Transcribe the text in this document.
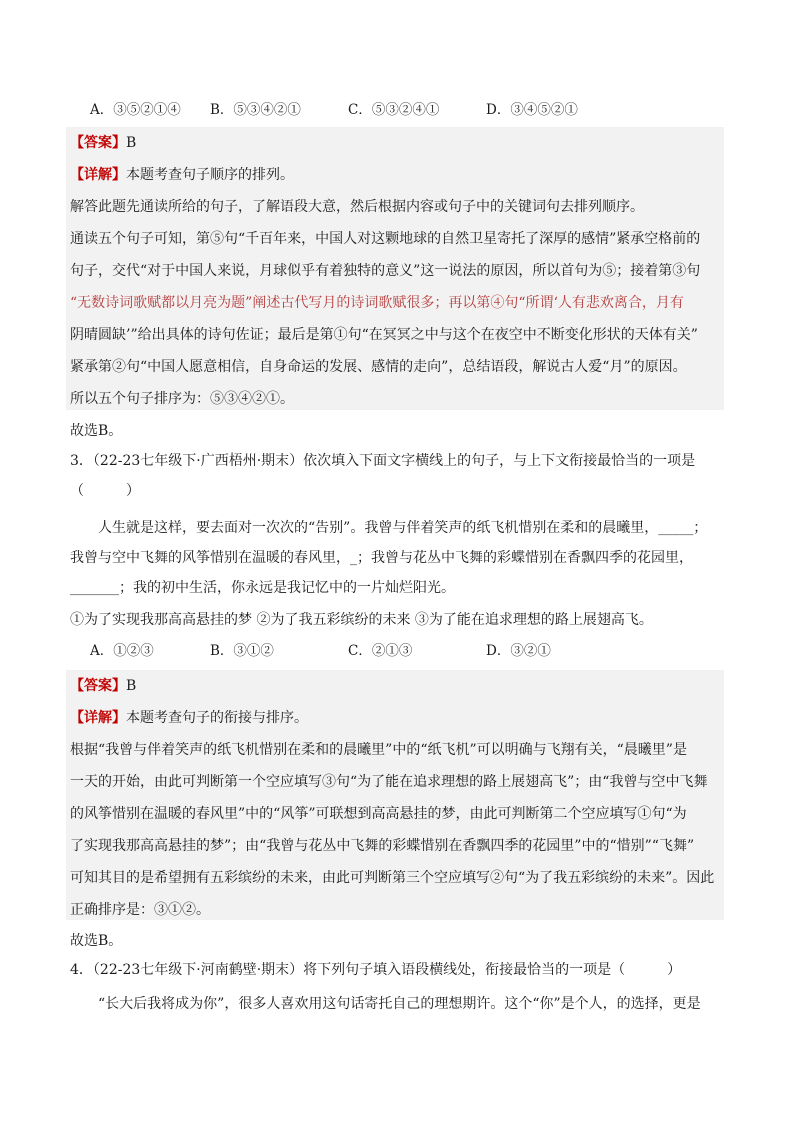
A．③⑤②①④ B．⑤③④②①	C．⑤③②④①	D．③④⑤②①
【答案】B
【详解】本题考查句子顺序的排列。
解答此题先通读所给的句子，了解语段大意，然后根据内容或句子中的关键词句去排列顺序。
通读五个句子可知，第⑤句“千百年来，中国人对这颗地球的自然卫星寄托了深厚的感情”紧承空格前的
句子，交代“对于中国人来说，月球似乎有着独特的意义”这一说法的原因，所以首句为⑤；接着第③句
“无数诗词歌赋都以月亮为题”阐述古代写月的诗词歌赋很多；再以第④句“所谓‘人有悲欢离合，月有
阴晴圆缺’”给出具体的诗句佐证；最后是第①句“在冥冥之中与这个在夜空中不断变化形状的天体有关”
紧承第②句“中国人愿意相信，自身命运的发展、感情的走向”，总结语段，解说古人爱“月”的原因。
所以五个句子排序为：⑤③④②①。
故选B。
3．（22-23七年级下·广西梧州·期末）依次填入下面文字横线上的句子，与上下文衔接最恰当的一项是
（　　　）
　　人生就是这样，要去面对一次次的“告别”。我曾与伴着笑声的纸飞机惜别在柔和的晨曦里，_____；
我曾与空中飞舞的风筝惜别在温暖的春风里，_；我曾与花丛中飞舞的彩蝶惜别在香飘四季的花园里，
_______；我的初中生活，你永远是我记忆中的一片灿烂阳光。
①为了实现我那高高悬挂的梦 ②为了我五彩缤纷的未来 ③为了能在追求理想的路上展翅高飞。
A．①②③	B．③①②	C．②①③	D．③②①
【答案】B
【详解】本题考查句子的衔接与排序。
根据“我曾与伴着笑声的纸飞机惜别在柔和的晨曦里”中的“纸飞机”可以明确与飞翔有关，“晨曦里”是
一天的开始，由此可判断第一个空应填写③句“为了能在追求理想的路上展翅高飞”；由“我曾与空中飞舞
的风筝惜别在温暖的春风里”中的“风筝”可联想到高高悬挂的梦，由此可判断第二个空应填写①句“为
了实现我那高高悬挂的梦”；由“我曾与花丛中飞舞的彩蝶惜别在香飘四季的花园里”中的“惜别”“飞舞”
可知其目的是希望拥有五彩缤纷的未来，由此可判断第三个空应填写②句“为了我五彩缤纷的未来”。因此
正确排序是：③①②。
故选B。
4．（22-23七年级下·河南鹤壁·期末）将下列句子填入语段横线处，衔接最恰当的一项是（　　　）
　　“长大后我将成为你”，很多人喜欢用这句话寄托自己的理想期许。这个“你”是个人，的选择，更是
